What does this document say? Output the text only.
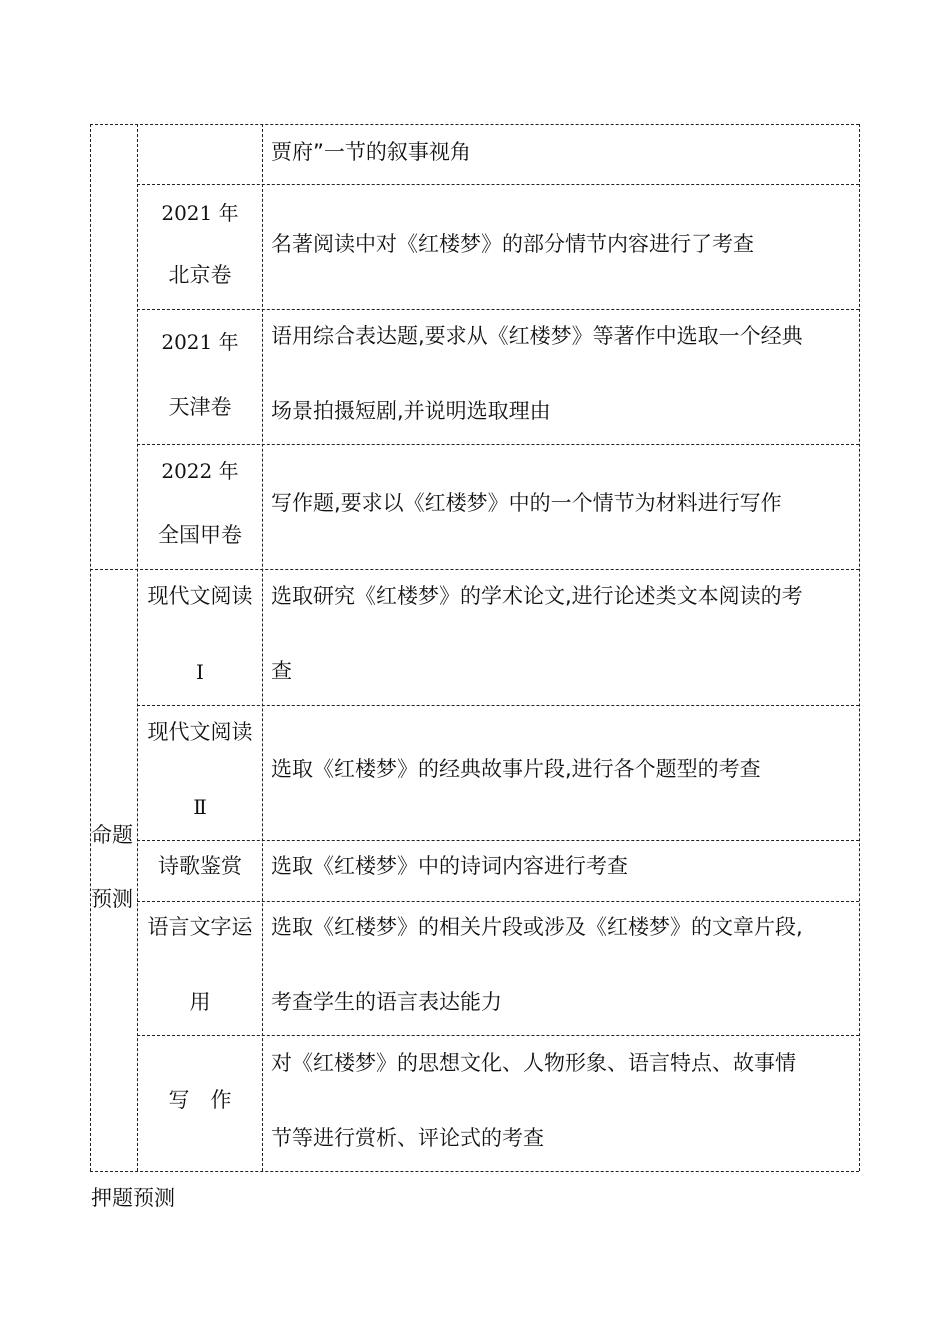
贾府”一节的叙事视角
2021 年
北京卷
名著阅读中对《红楼梦》的部分情节内容进行了考查
2021 年
天津卷
语用综合表达题,要求从《红楼梦》等著作中选取一个经典
场景拍摄短剧,并说明选取理由
2022 年
全国甲卷
写作题,要求以《红楼梦》中的一个情节为材料进行写作
命题
预测
现代文阅读
Ⅰ
选取研究《红楼梦》的学术论文,进行论述类文本阅读的考
查
现代文阅读
Ⅱ
选取《红楼梦》的经典故事片段,进行各个题型的考查
诗歌鉴赏	选取《红楼梦》中的诗词内容进行考查
语言文字运
用
选取《红楼梦》的相关片段或涉及《红楼梦》的文章片段,
考查学生的语言表达能力
写　作
对《红楼梦》的思想文化、人物形象、语言特点、故事情
节等进行赏析、评论式的考查
押题预测
